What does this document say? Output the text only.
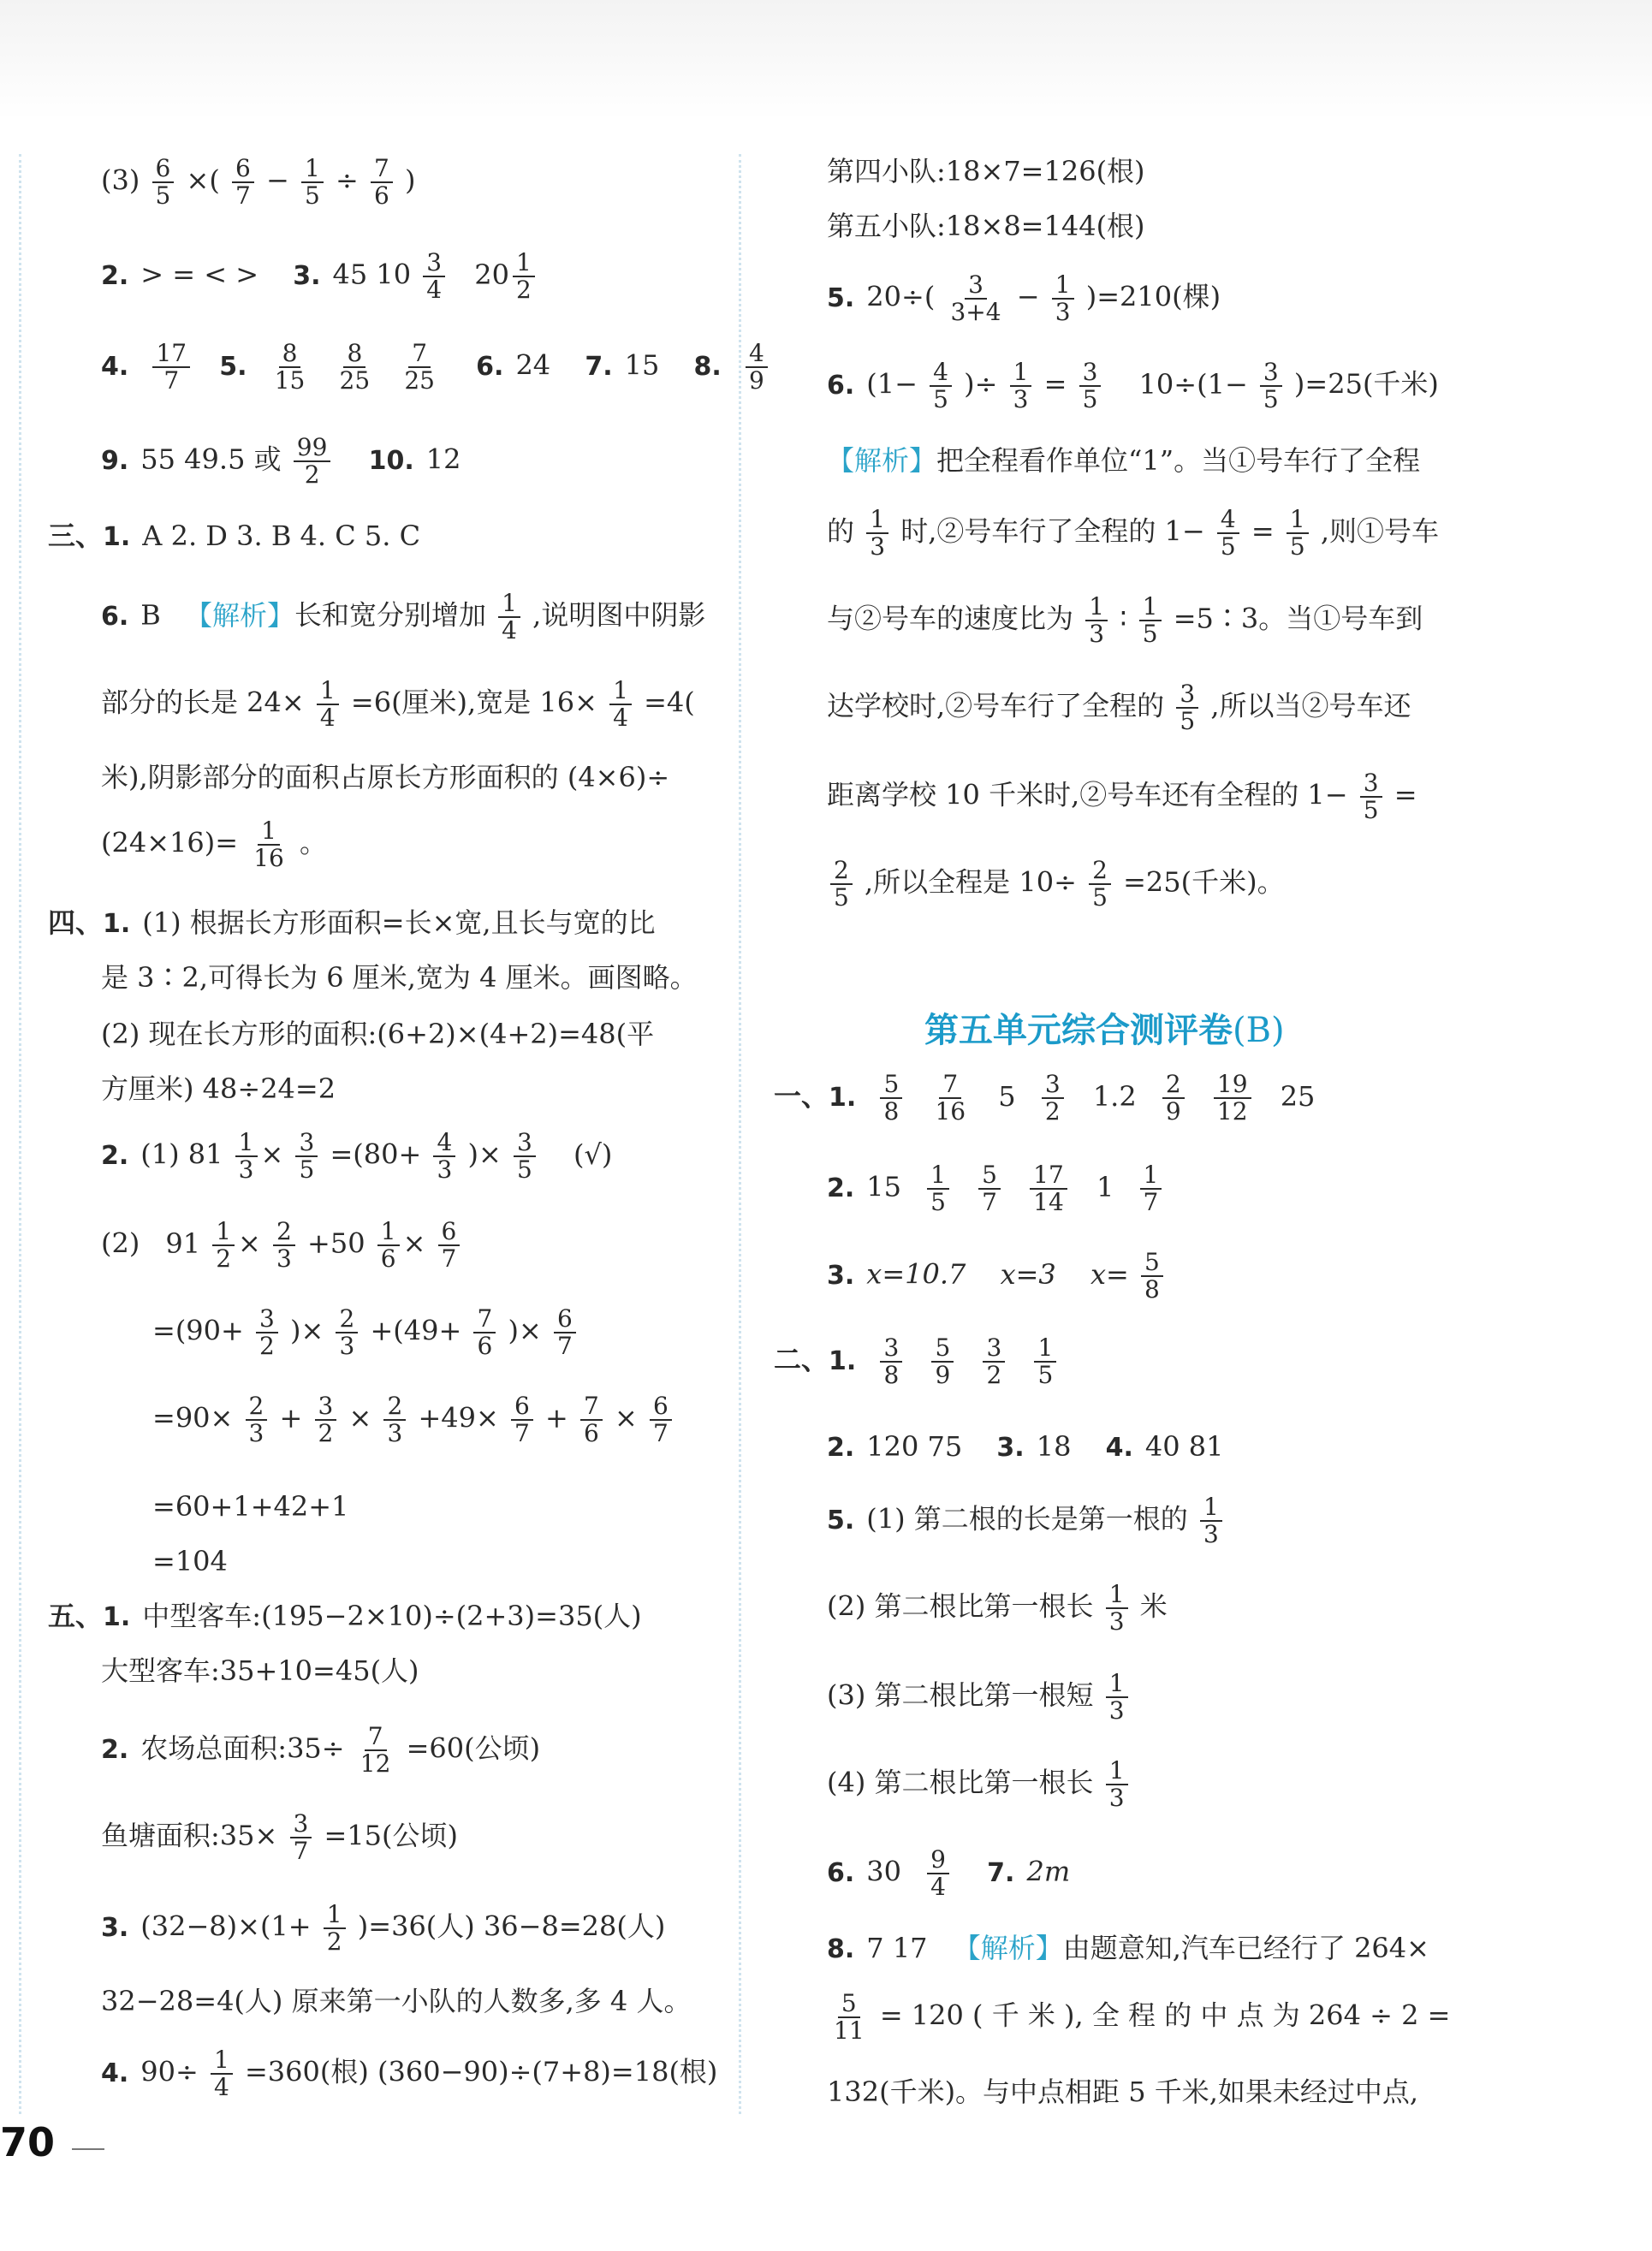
$(3) \frac{6}{5}$ ×( $\frac{6}{7} - \frac{1}{5} \div \frac{7}{6}$ )
2. > = < > 3. 45 $10 \frac{3}{4} 20 \frac{1}{2}$
4. $\frac{17}{7} 5$. $\frac{8}{15}$
$\frac{8}{25}$
$\frac{7}{25} 6$. 24 7. 15 8. $\frac{4}{9}$
9. 55 49.5 或 $\frac{99}{2} 10$. 12
三、1. A 2. D 3. B 4. C 5. C
6. B 【解析】长和宽分别增加 $\frac{1}{4}$ ,说明图中阴影
部分的长是 $24\times \frac{1}{4} =6$(厘米),宽是 $16\times \frac{1}{4} =4$(
米),阴影部分的面积占原长方形面积的 (4×6)÷
$(24\times 16)= \frac{1}{16}$ 。
四、1. (1) 根据长方形面积=长×宽,且长与宽的比
是 3∶2,可得长为 6 厘米,宽为 4 厘米。画图略。
(2) 现在长方形的面积:(6+2)×(4+2)=48(平
方厘米) 48÷24=2
2. (1) $81 \frac{1}{3} \times \frac{3}{5} =(80+ \frac{4}{3}$ )× $\frac{3}{5}$ (√)
(2) $91 \frac{1}{2} \times \frac{2}{3} +50 \frac{1}{6} \times \frac{6}{7}$
$=(90+ \frac{3}{2}$ )× $\frac{2}{3} +(49+ \frac{7}{6}$ )× $\frac{6}{7}$
$=90\times \frac{2}{3} + \frac{3}{2} \times \frac{2}{3} +49\times \frac{6}{7} + \frac{7}{6} \times \frac{6}{7}$
=60+1+42+1
=104
五、1. 中型客车:(195−2×10)÷(2+3)=35(人)
大型客车:35+10=45(人)
2. 农场总面积:35÷ $\frac{7}{12} =60$(公顷)
鱼塘面积:35× $\frac{3}{7} =15$(公顷)
3. $(32-8)\times(1+ \frac{1}{2} )=36$(人) 36−8=28(人)
32−28=4(人) 原来第一小队的人数多,多 4 人。
4. $90\div \frac{1}{4} =360$(根) (360−90)÷(7+8)=18(根)
第四小队:18×7=126(根)
第五小队:18×8=144(根)
5. $20\div( \frac{3}{3+4} - \frac{1}{3} )=210$(棵)
6. ($1- \frac{4}{5}$ )÷ $\frac{1}{3} = \frac{3}{5} 10\div(1- \frac{3}{5} )=25$(千米)
【解析】把全程看作单位“1”。当①号车行了全程
的 $\frac{1}{3}$ 时,②号车行了全程的 $1- \frac{4}{5} = \frac{1}{5}$ ,则①号车
与②号车的速度比为 $\frac{1}{3}$ ∶ $\frac{1}{5}$ =5∶3。当①号车到
达学校时,②号车行了全程的 $\frac{3}{5}$ ,所以当②号车还
距离学校 10 千米时,②号车还有全程的 $1- \frac{3}{5}$ =
$\frac{2}{5}$ ,所以全程是 $10\div \frac{2}{5} =25$(千米)。
第五单元综合测评卷(B)
一、1. $\frac{5}{8}$
$\frac{7}{16} 5 \frac{3}{2} 1.2 \frac{2}{9}$
$\frac{19}{12} 25$
2. $15 \frac{1}{5}$
$\frac{5}{7}$
$\frac{17}{14} 1 \frac{1}{7}$
3. x=10.7 x=3 $x= \frac{5}{8}$
二、1. $\frac{3}{8}$
$\frac{5}{9}$
$\frac{3}{2}$
$\frac{1}{5}$
2. 120 75 3. 18 4. 40 81
5. (1) 第二根的长是第一根的 $\frac{1}{3}$
(2) 第二根比第一根长 $\frac{1}{3}$ 米
(3) 第二根比第一根短 $\frac{1}{3}$
(4) 第二根比第一根长 $\frac{1}{3}$
6. $30 \frac{9}{4} 7$. 2m
8. 7 17 【解析】由题意知,汽车已经行了 264×
$\frac{5}{11} = 120$ ( 千 米 ), 全 程 的 中 点 为 264 ÷ 2 =
132(千米)。与中点相距 5 千米,如果未经过中点,
70
